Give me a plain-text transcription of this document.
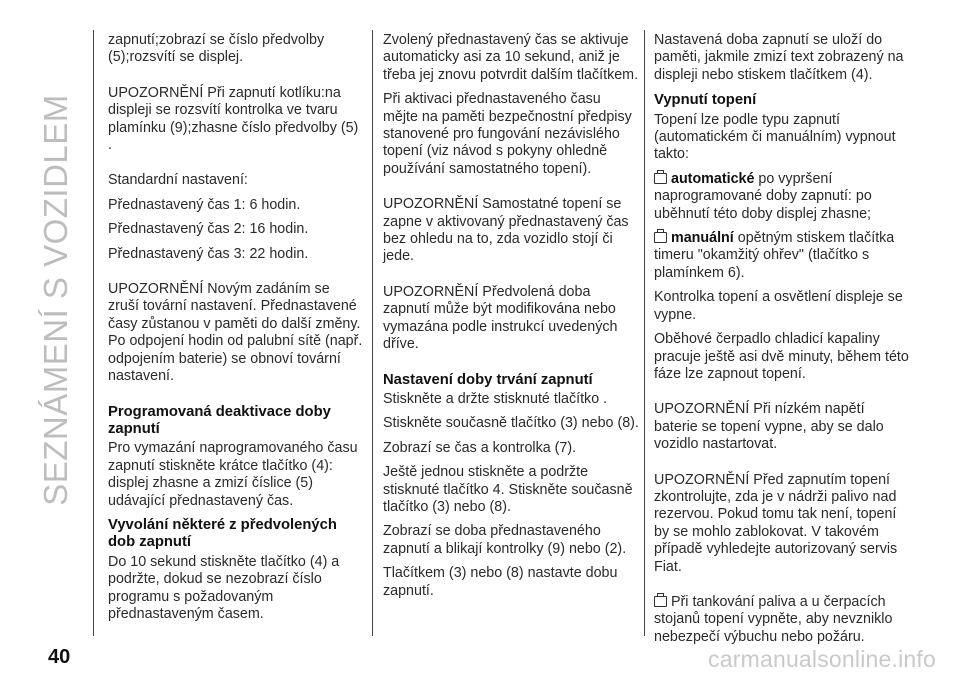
SEZNÁMENÍ S VOZIDLEM

zapnutí;zobrazí se číslo předvolby (5);rozsvítí se displej.

UPOZORNĚNÍ Při zapnutí kotlíku:na displeji se rozsvítí kontrolka ve tvaru plamínku (9);zhasne číslo předvolby (5) .

Standardní nastavení:

Přednastavený čas 1: 6 hodin.

Přednastavený čas 2: 16 hodin.

Přednastavený čas 3: 22 hodin.

UPOZORNĚNÍ Novým zadáním se zruší tovární nastavení. Přednastavené časy zůstanou v paměti do další změny. Po odpojení hodin od palubní sítě (např. odpojením baterie) se obnoví tovární nastavení.

Programovaná deaktivace doby zapnutí

Pro vymazání naprogramovaného času zapnutí stiskněte krátce tlačítko (4): displej zhasne a zmizí číslice (5) udávající přednastavený čas.

Vyvolání některé z předvolených dob zapnutí

Do 10 sekund stiskněte tlačítko (4) a podržte, dokud se nezobrazí číslo programu s požadovaným přednastaveným časem.

Zvolený přednastavený čas se aktivuje automaticky asi za 10 sekund, aniž je třeba jej znovu potvrdit dalším tlačítkem.

Při aktivaci přednastaveného času mějte na paměti bezpečnostní předpisy stanovené pro fungování nezávislého topení (viz návod s pokyny ohledně používání samostatného topení).

UPOZORNĚNÍ Samostatné topení se zapne v aktivovaný přednastavený čas bez ohledu na to, zda vozidlo stojí či jede.

UPOZORNĚNÍ Předvolená doba zapnutí může být modifikována nebo vymazána podle instrukcí uvedených dříve.

Nastavení doby trvání zapnutí

Stiskněte a držte stisknuté tlačítko .

Stiskněte současně tlačítko (3) nebo (8).

Zobrazí se čas a kontrolka (7).

Ještě jednou stiskněte a podržte stisknuté tlačítko 4. Stiskněte současně tlačítko (3) nebo (8).

Zobrazí se doba přednastaveného zapnutí a blikají kontrolky (9) nebo (2).

Tlačítkem (3) nebo (8) nastavte dobu zapnutí.

Nastavená doba zapnutí se uloží do paměti, jakmile zmizí text zobrazený na displeji nebo stiskem tlačítkem (4).

Vypnutí topení

Topení lze podle typu zapnutí (automatickém či manuálním) vypnout takto:

automatické po vypršení naprogramované doby zapnutí: po uběhnutí této doby displej zhasne;

manuální opětným stiskem tlačítka timeru "okamžitý ohřev" (tlačítko s plamínkem 6).

Kontrolka topení a osvětlení displeje se vypne.

Oběhové čerpadlo chladicí kapaliny pracuje ještě asi dvě minuty, během této fáze lze zapnout topení.

UPOZORNĚNÍ Při nízkém napětí baterie se topení vypne, aby se dalo vozidlo nastartovat.

UPOZORNĚNÍ Před zapnutím topení zkontrolujte, zda je v nádrži palivo nad rezervou. Pokud tomu tak není, topení by se mohlo zablokovat. V takovém případě vyhledejte autorizovaný servis Fiat.

Při tankování paliva a u čerpacích stojanů topení vypněte, aby nevzniklo nebezpečí výbuchu nebo požáru.

40	carmanualsonline.info
